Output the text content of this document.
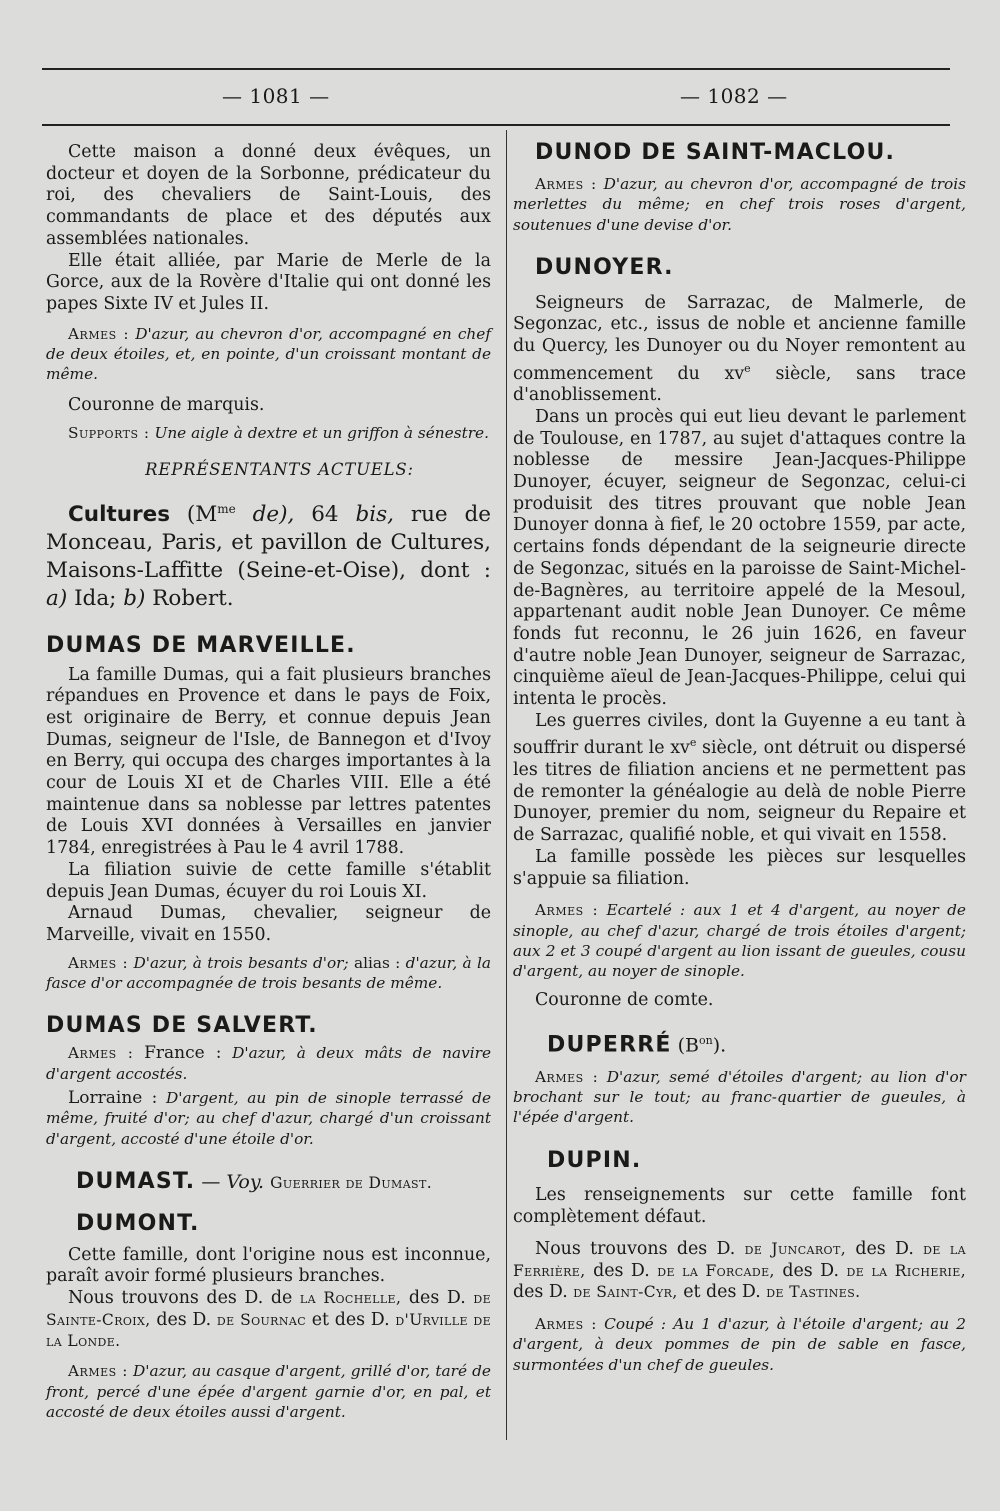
— 1081 —	— 1082 —

Cette maison a donné deux évêques, un docteur et doyen de la Sorbonne, prédicateur du roi, des chevaliers de Saint-Louis, des commandants de place et des députés aux assemblées nationales.

Elle était alliée, par Marie de Merle de la Gorce, aux de la Rovère d'Italie qui ont donné les papes Sixte IV et Jules II.

Armes : D'azur, au chevron d'or, accompagné en chef de deux étoiles, et, en pointe, d'un croissant montant de même.

Couronne de marquis.

Supports : Une aigle à dextre et un griffon à sénestre.

REPRÉSENTANTS ACTUELS:

Cultures ($M^{me}$ de), 64 bis, rue de Monceau, Paris, et pavillon de Cultures, Maisons-Laffitte (Seine-et-Oise), dont : a) Ida; b) Robert.

DUMAS DE MARVEILLE.

La famille Dumas, qui a fait plusieurs branches répandues en Provence et dans le pays de Foix, est originaire de Berry, et connue depuis Jean Dumas, seigneur de l'Isle, de Bannegon et d'Ivoy en Berry, qui occupa des charges importantes à la cour de Louis XI et de Charles VIII. Elle a été maintenue dans sa noblesse par lettres patentes de Louis XVI données à Versailles en janvier 1784, enregistrées à Pau le 4 avril 1788.

La filiation suivie de cette famille s'établit depuis Jean Dumas, écuyer du roi Louis XI.

Arnaud Dumas, chevalier, seigneur de Marveille, vivait en 1550.

Armes : D'azur, à trois besants d'or; alias : d'azur, à la fasce d'or accompagnée de trois besants de même.

DUMAS DE SALVERT.

Armes : France : D'azur, à deux mâts de navire d'argent accostés.

Lorraine : D'argent, au pin de sinople terrassé de même, fruité d'or; au chef d'azur, chargé d'un croissant d'argent, accosté d'une étoile d'or.

DUMAST. — Voy. Guerrier de Dumast.

DUMONT.

Cette famille, dont l'origine nous est inconnue, paraît avoir formé plusieurs branches.

Nous trouvons des D. de la Rochelle, des D. de Sainte-Croix, des D. de Sournac et des D. d'Urville de la Londe.

Armes : D'azur, au casque d'argent, grillé d'or, taré de front, percé d'une épée d'argent garnie d'or, en pal, et accosté de deux étoiles aussi d'argent.

DUNOD DE SAINT-MACLOU.

Armes : D'azur, au chevron d'or, accompagné de trois merlettes du même; en chef trois roses d'argent, soutenues d'une devise d'or.

DUNOYER.

Seigneurs de Sarrazac, de Malmerle, de Segonzac, etc., issus de noble et ancienne famille du Quercy, les Dunoyer ou du Noyer remontent au commencement du $xv^e$ siècle, sans trace d'anoblissement.

Dans un procès qui eut lieu devant le parlement de Toulouse, en 1787, au sujet d'attaques contre la noblesse de messire Jean-Jacques-Philippe Dunoyer, écuyer, seigneur de Segonzac, celui-ci produisit des titres prouvant que noble Jean Dunoyer donna à fief, le 20 octobre 1559, par acte, certains fonds dépendant de la seigneurie directe de Segonzac, situés en la paroisse de Saint-Michel-de-Bagnères, au territoire appelé de la Mesoul, appartenant audit noble Jean Dunoyer. Ce même fonds fut reconnu, le 26 juin 1626, en faveur d'autre noble Jean Dunoyer, seigneur de Sarrazac, cinquième aïeul de Jean-Jacques-Philippe, celui qui intenta le procès.

Les guerres civiles, dont la Guyenne a eu tant à souffrir durant le $xv^e$ siècle, ont détruit ou dispersé les titres de filiation anciens et ne permettent pas de remonter la généalogie au delà de noble Pierre Dunoyer, premier du nom, seigneur du Repaire et de Sarrazac, qualifié noble, et qui vivait en 1558.

La famille possède les pièces sur lesquelles s'appuie sa filiation.

Armes : Ecartelé : aux 1 et 4 d'argent, au noyer de sinople, au chef d'azur, chargé de trois étoiles d'argent; aux 2 et 3 coupé d'argent au lion issant de gueules, cousu d'argent, au noyer de sinople.

Couronne de comte.

DUPERRÉ $(B^{on})$.

Armes : D'azur, semé d'étoiles d'argent; au lion d'or brochant sur le tout; au franc-quartier de gueules, à l'épée d'argent.

DUPIN.

Les renseignements sur cette famille font complètement défaut.

Nous trouvons des D. de Juncarot, des D. de la Ferrière, des D. de la Forcade, des D. de la Richerie, des D. de Saint-Cyr, et des D. de Tastines.

Armes : Coupé : Au 1 d'azur, à l'étoile d'argent; au 2 d'argent, à deux pommes de pin de sable en fasce, surmontées d'un chef de gueules.
